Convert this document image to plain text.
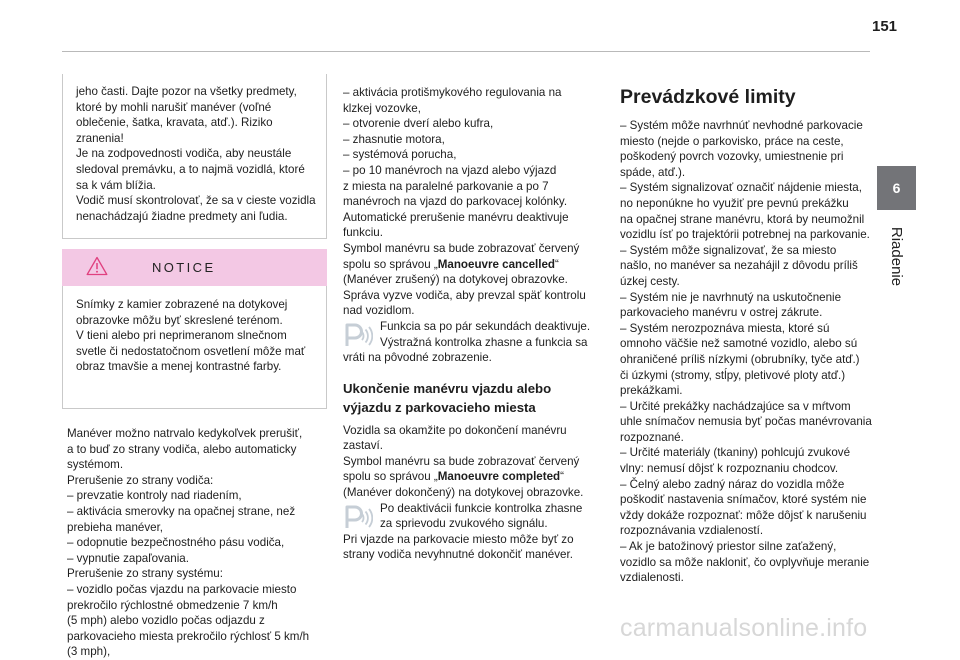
151
6
Riadenie
jeho časti. Dajte pozor na všetky predmety,
ktoré by mohli narušiť manéver (voľné
oblečenie, šatka, kravata, atď.). Riziko
zranenia!
Je na zodpovednosti vodiča, aby neustále
sledoval premávku, a to najmä vozidlá, ktoré
sa k vám blížia.
Vodič musí skontrolovať, že sa v cieste vozidla
nenachádzajú žiadne predmety ani ľudia.
NOTICE
Snímky z kamier zobrazené na dotykovej
obrazovke môžu byť skreslené terénom.
V tieni alebo pri neprimeranom slnečnom
svetle či nedostatočnom osvetlení môže mať
obraz tmavšie a menej kontrastné farby.
Manéver možno natrvalo kedykoľvek prerušiť,
a to buď zo strany vodiča, alebo automaticky
systémom.
Prerušenie zo strany vodiča:
– prevzatie kontroly nad riadením,
– aktivácia smerovky na opačnej strane, než
prebieha manéver,
– odopnutie bezpečnostného pásu vodiča,
– vypnutie zapaľovania.
Prerušenie zo strany systému:
– vozidlo počas vjazdu na parkovacie miesto
prekročilo rýchlostné obmedzenie 7 km/h
(5 mph) alebo vozidlo počas odjazdu z
parkovacieho miesta prekročilo rýchlosť 5 km/h
(3 mph),
– aktivácia protišmykového regulovania na
klzkej vozovke,
– otvorenie dverí alebo kufra,
– zhasnutie motora,
– systémová porucha,
– po 10 manévroch na vjazd alebo výjazd
z miesta na paralelné parkovanie a po 7
manévroch na vjazd do parkovacej kolónky.
Automatické prerušenie manévru deaktivuje
funkciu.
Symbol manévru sa bude zobrazovať červený
spolu so správou „Manoeuvre cancelled“
(Manéver zrušený) na dotykovej obrazovke.
Správa vyzve vodiča, aby prevzal späť kontrolu
nad vozidlom.
Funkcia sa po pár sekundách deaktivuje.
Výstražná kontrolka zhasne a funkcia sa
vráti na pôvodné zobrazenie.
Ukončenie manévru vjazdu alebo
výjazdu z parkovacieho miesta
Vozidla sa okamžite po dokončení manévru
zastaví.
Symbol manévru sa bude zobrazovať červený
spolu so správou „Manoeuvre completed“
(Manéver dokončený) na dotykovej obrazovke.
Po deaktivácii funkcie kontrolka zhasne
za sprievodu zvukového signálu.
Pri vjazde na parkovacie miesto môže byť zo
strany vodiča nevyhnutné dokončiť manéver.
Prevádzkové limity
– Systém môže navrhnúť nevhodné parkovacie
miesto (nejde o parkovisko, práce na ceste,
poškodený povrch vozovky, umiestnenie pri
spáde, atď.).
– Systém signalizovať označiť nájdenie miesta,
no neponúkne ho využiť pre pevnú prekážku
na opačnej strane manévru, ktorá by neumožnil
vozidlu ísť po trajektórii potrebnej na parkovanie.
– Systém môže signalizovať, že sa miesto
našlo, no manéver sa nezahájil z dôvodu príliš
úzkej cesty.
– Systém nie je navrhnutý na uskutočnenie
parkovacieho manévru v ostrej zákrute.
– Systém nerozpoznáva miesta, ktoré sú
omnoho väčšie než samotné vozidlo, alebo sú
ohraničené príliš nízkymi (obrubníky, tyče atď.)
či úzkymi (stromy, stĺpy, pletivové ploty atď.)
prekážkami.
– Určité prekážky nachádzajúce sa v mŕtvom
uhle snímačov nemusia byť počas manévrovania
rozpoznané.
– Určité materiály (tkaniny) pohlcujú zvukové
vlny: nemusí dôjsť k rozpoznaniu chodcov.
– Čelný alebo zadný náraz do vozidla môže
poškodiť nastavenia snímačov, ktoré systém nie
vždy dokáže rozpoznať: môže dôjsť k narušeniu
rozpoznávania vzdialeností.
– Ak je batožinový priestor silne zaťažený,
vozidlo sa môže nakloniť, čo ovplyvňuje meranie
vzdialenosti.
carmanualsonline.info
